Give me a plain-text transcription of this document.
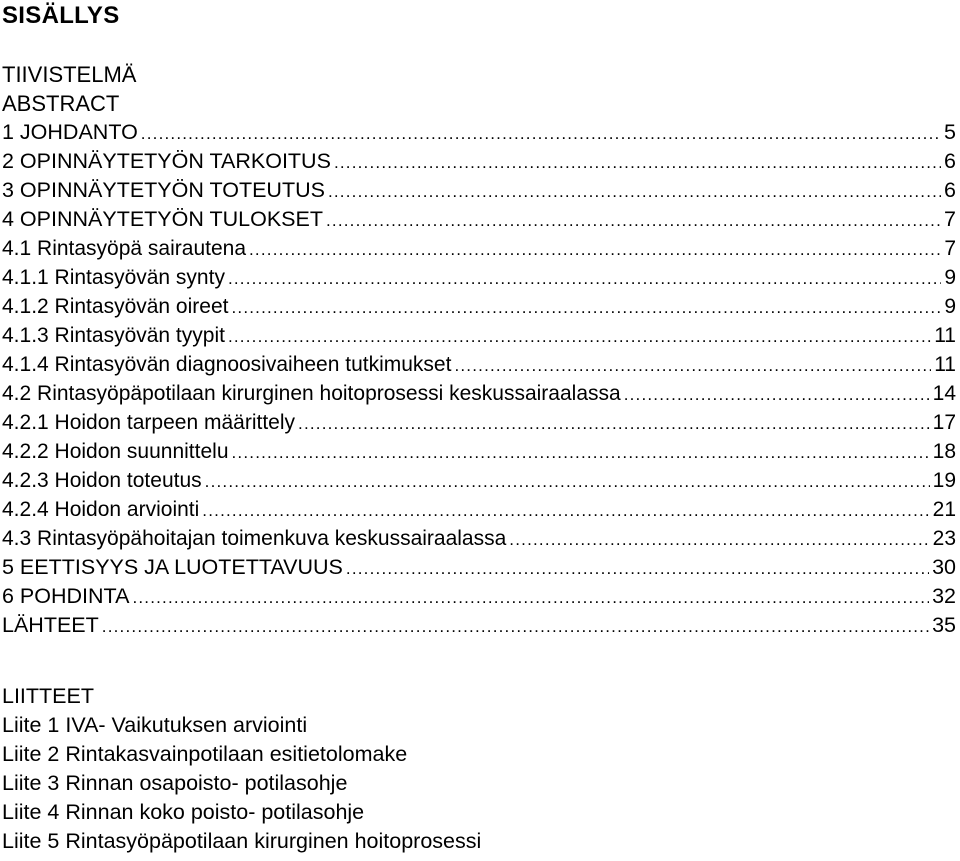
SISÄLLYS
TIIVISTELMÄ
ABSTRACT
1 JOHDANTO .....	5
2 OPINNÄYTETYÖN TARKOITUS .....	6
3 OPINNÄYTETYÖN TOTEUTUS .....	6
4 OPINNÄYTETYÖN TULOKSET .....	7
4.1 Rintasyöpä sairautena .....	7
4.1.1 Rintasyövän synty .....	9
4.1.2 Rintasyövän oireet .....	9
4.1.3 Rintasyövän tyypit .....	11
4.1.4 Rintasyövän diagnoosivaiheen tutkimukset .....	11
4.2 Rintasyöpäpotilaan kirurginen hoitoprosessi keskussairaalassa .....	14
4.2.1 Hoidon tarpeen määrittely .....	17
4.2.2 Hoidon suunnittelu .....	18
4.2.3 Hoidon toteutus .....	19
4.2.4 Hoidon arviointi .....	21
4.3 Rintasyöpähoitajan toimenkuva keskussairaalassa .....	23
5 EETTISYYS JA LUOTETTAVUUS .....	30
6 POHDINTA .....	32
LÄHTEET .....	35
LIITTEET
Liite 1 IVA- Vaikutuksen arviointi
Liite 2 Rintakasvainpotilaan esitietolomake
Liite 3 Rinnan osapoisto- potilasohje
Liite 4 Rinnan koko poisto- potilasohje
Liite 5 Rintasyöpäpotilaan kirurginen hoitoprosessi
